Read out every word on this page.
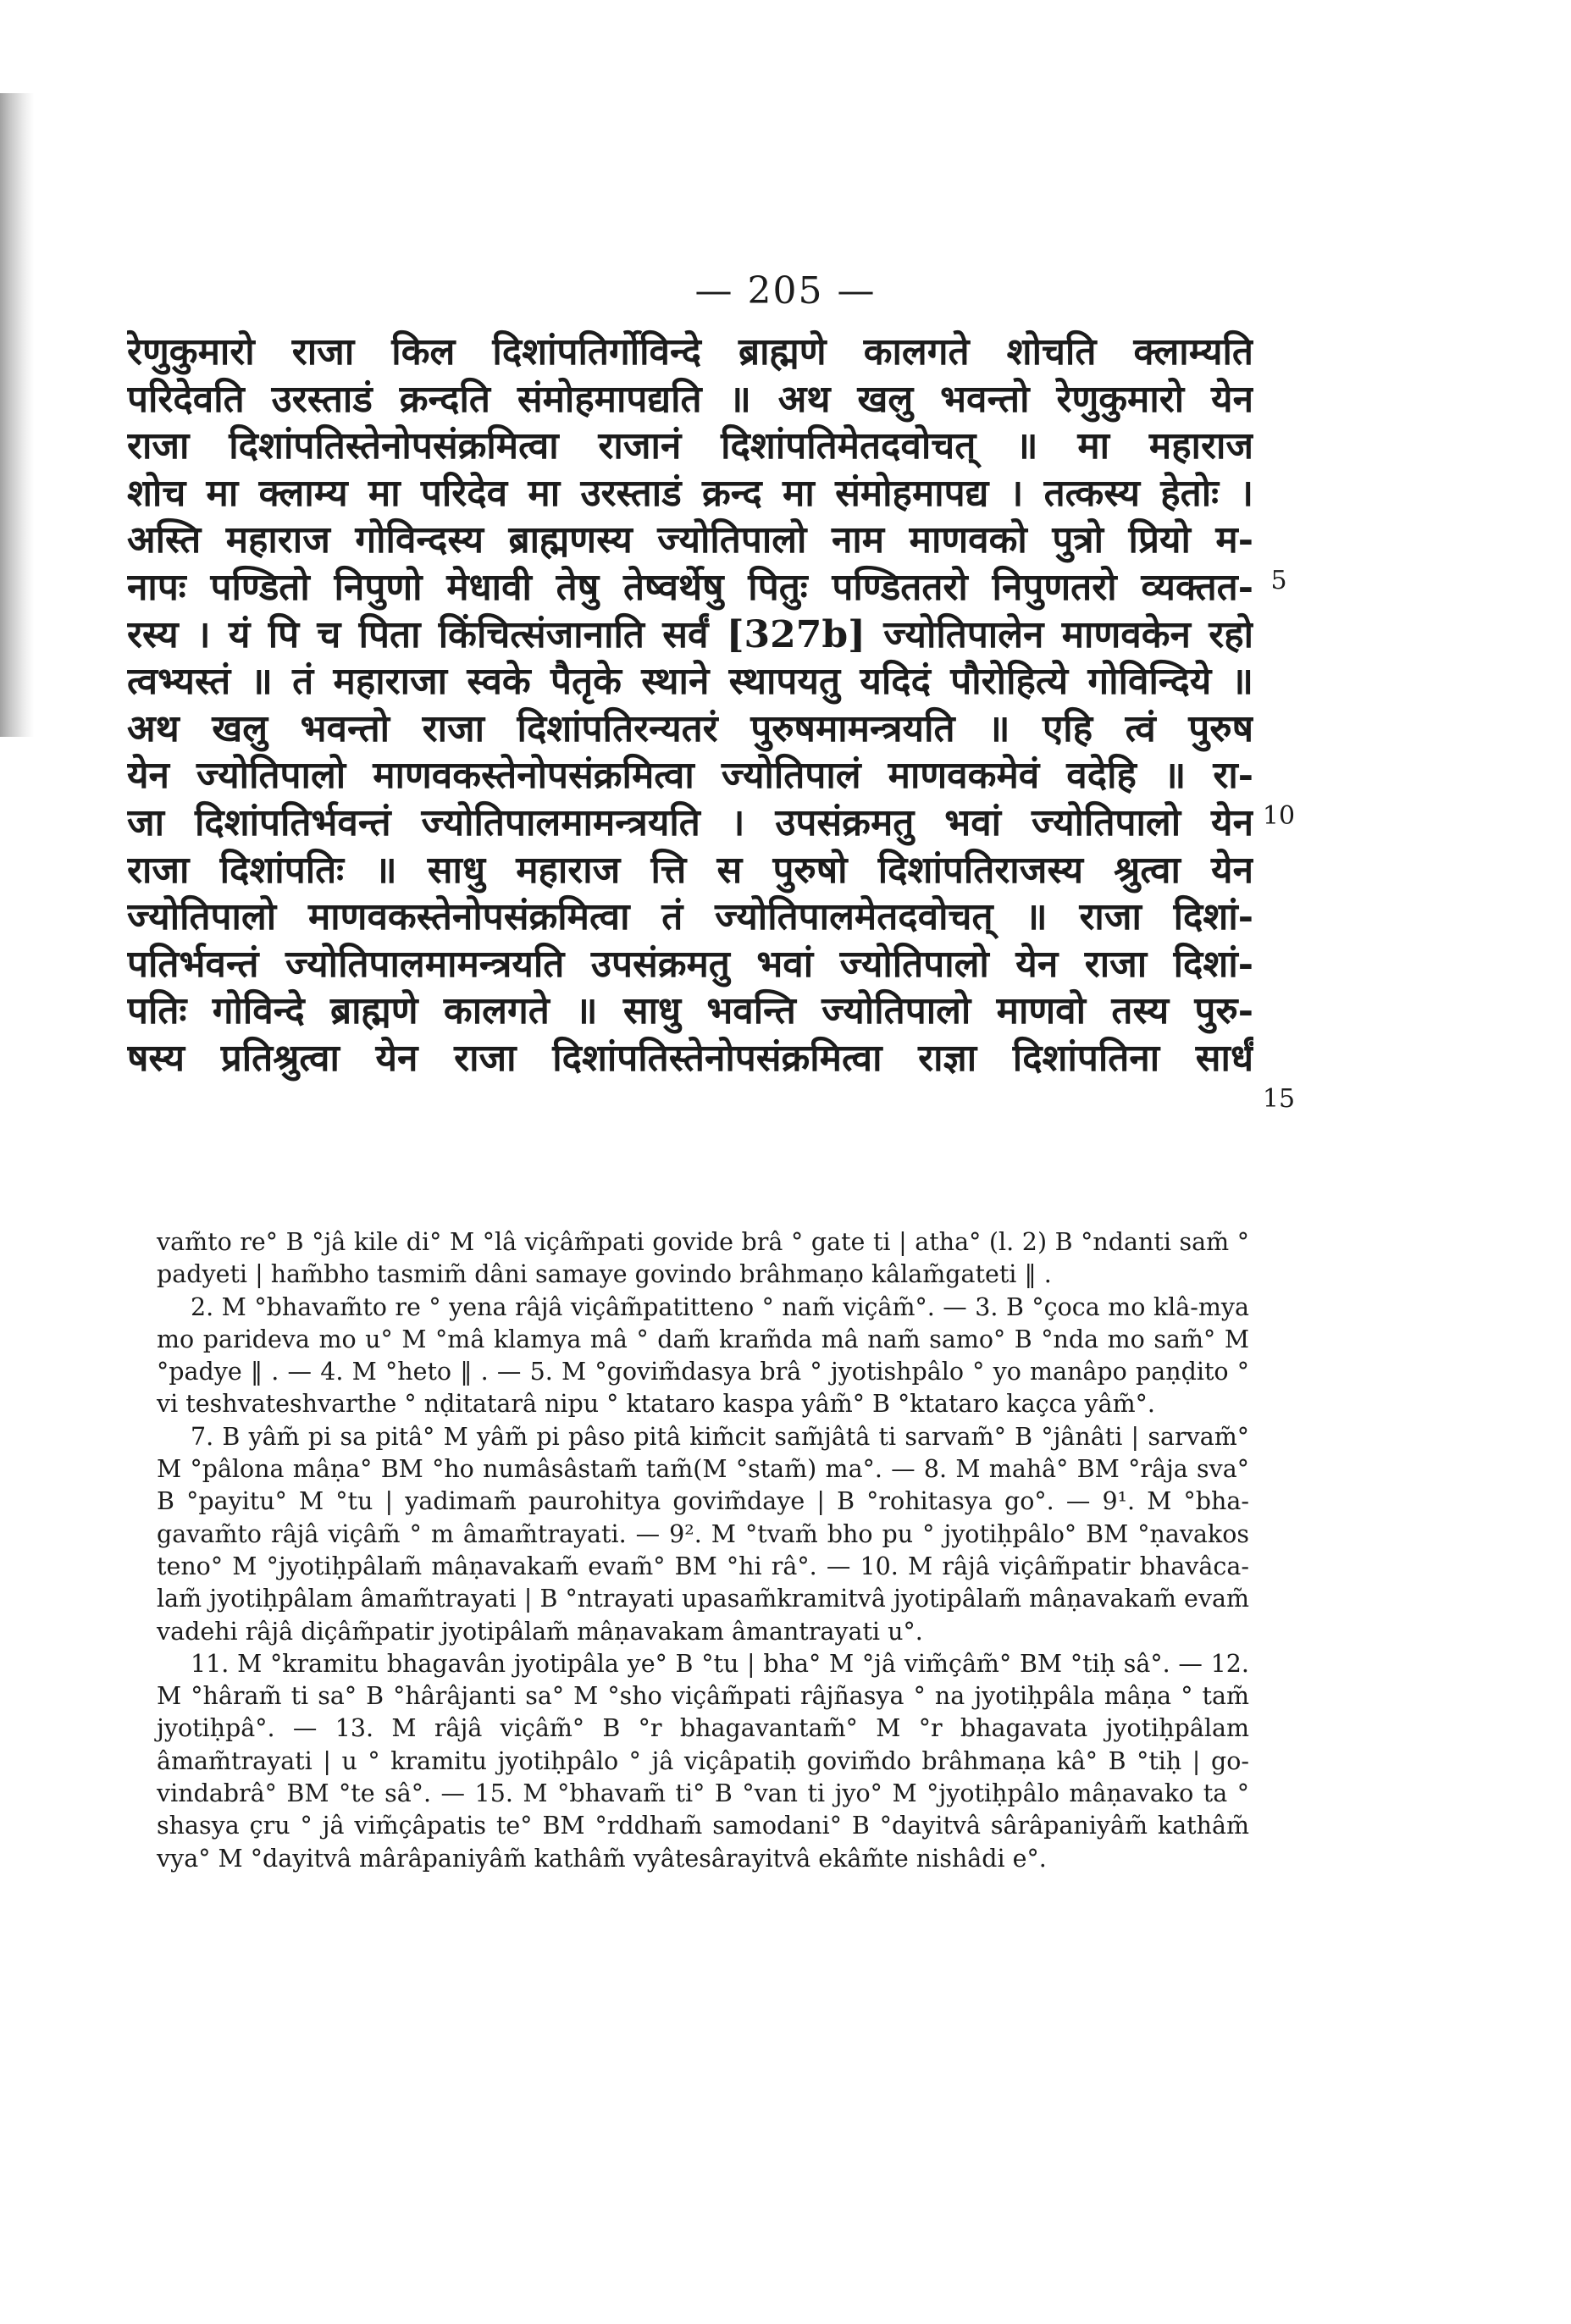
— 205 —
रेणुकुमारो राजा किल दिशांपतिर्गोविन्दे ब्राह्मणे कालगते शोचति क्लाम्यति
परिदेवति उरस्ताडं क्रन्दति संमोहमापद्यति ॥ अथ खलु भवन्तो रेणुकुमारो येन
राजा दिशांपतिस्तेनोपसंक्रमित्वा राजानं दिशांपतिमेतदवोचत् ॥ मा महाराज
शोच मा क्लाम्य मा परिदेव मा उरस्ताडं क्रन्द मा संमोहमापद्य । तत्कस्य हेतोः ।
अस्ति महाराज गोविन्दस्य ब्राह्मणस्य ज्योतिपालो नाम माणवको पुत्रो प्रियो म-
नापः पण्डितो निपुणो मेधावी तेषु तेष्वर्थेषु पितुः पण्डिततरो निपुणतरो व्यक्तत-
रस्य । यं पि च पिता किंचित्संजानाति सर्वं [327b] ज्योतिपालेन माणवकेन रहो
त्वभ्यस्तं ॥ तं महाराजा स्वके पैतृके स्थाने स्थापयतु यदिदं पौरोहित्ये गोविन्दिये ॥
अथ खलु भवन्तो राजा दिशांपतिरन्यतरं पुरुषमामन्त्रयति ॥ एहि त्वं पुरुष
येन ज्योतिपालो माणवकस्तेनोपसंक्रमित्वा ज्योतिपालं माणवकमेवं वदेहि ॥ रा-
जा दिशांपतिर्भवन्तं ज्योतिपालमामन्त्रयति । उपसंक्रमतु भवां ज्योतिपालो येन
राजा दिशांपतिः ॥ साधु महाराज त्ति स पुरुषो दिशांपतिराजस्य श्रुत्वा येन
ज्योतिपालो माणवकस्तेनोपसंक्रमित्वा तं ज्योतिपालमेतदवोचत् ॥ राजा दिशां-
पतिर्भवन्तं ज्योतिपालमामन्त्रयति उपसंक्रमतु भवां ज्योतिपालो येन राजा दिशां-
पतिः गोविन्दे ब्राह्मणे कालगते ॥ साधु भवन्ति ज्योतिपालो माणवो तस्य पुरु-
षस्य प्रतिश्रुत्वा येन राजा दिशांपतिस्तेनोपसंक्रमित्वा राज्ञा दिशांपतिना सार्धं
5
10
15

vam̃to re° B °jâ kile di° M °lâ viçâm̃pati govide brâ ° gate ti | atha° (l. 2) B °ndanti sam̃ ° padyeti | ham̃bho tasmim̃ dâni samaye govindo brâhmaṇo kâlam̃gateti ‖ .

2. M °bhavam̃to re ° yena râjâ viçâm̃patitteno ° nam̃ viçâm̃°. — 3. B °çoca mo klâ-mya mo parideva mo u° M °mâ klamya mâ ° dam̃ kram̃da mâ nam̃ samo° B °nda mo sam̃° M °padye ‖ . — 4. M °heto ‖ . — 5. M °govim̃dasya brâ ° jyotishpâlo ° yo manâpo paṇḍito ° vi teshvateshvarthe ° nḍitatarâ nipu ° ktataro kaspa yâm̃° B °ktataro kaçca yâm̃°.

7. B yâm̃ pi sa pitâ° M yâm̃ pi pâso pitâ kim̃cit sam̃jâtâ ti sarvam̃° B °jânâti | sarvam̃° M °pâlona mâṇa° BM °ho numâsâstam̃ tam̃(M °stam̃) ma°. — 8. M mahâ° BM °râja sva° B °payitu° M °tu | yadimam̃ paurohitya govim̃daye | B °rohitasya go°. — 9¹. M °bha-gavam̃to râjâ viçâm̃ ° m âmam̃trayati. — 9². M °tvam̃ bho pu ° jyotiḥpâlo° BM °ṇavakos teno° M °jyotiḥpâlam̃ mâṇavakam̃ evam̃° BM °hi râ°. — 10. M râjâ viçâm̃patir bhavâca-lam̃ jyotiḥpâlam âmam̃trayati | B °ntrayati upasam̃kramitvâ jyotipâlam̃ mâṇavakam̃ evam̃ vadehi râjâ diçâm̃patir jyotipâlam̃ mâṇavakam âmantrayati u°.

11. M °kramitu bhagavân jyotipâla ye° B °tu | bha° M °jâ vim̃çâm̃° BM °tiḥ sâ°. — 12. M °hâram̃ ti sa° B °hârâjanti sa° M °sho viçâm̃pati râjñasya ° na jyotiḥpâla mâṇa ° tam̃ jyotiḥpâ°. — 13. M râjâ viçâm̃° B °r bhagavantam̃° M °r bhagavata jyotiḥpâlam âmam̃trayati | u ° kramitu jyotiḥpâlo ° jâ viçâpatiḥ govim̃do brâhmaṇa kâ° B °tiḥ | go-vindabrâ° BM °te sâ°. — 15. M °bhavam̃ ti° B °van ti jyo° M °jyotiḥpâlo mâṇavako ta ° shasya çru ° jâ vim̃çâpatis te° BM °rddham̃ samodani° B °dayitvâ sârâpaniyâm̃ kathâm̃ vya° M °dayitvâ mârâpaniyâm̃ kathâm̃ vyâtesârayitvâ ekâm̃te nishâdi e°.
